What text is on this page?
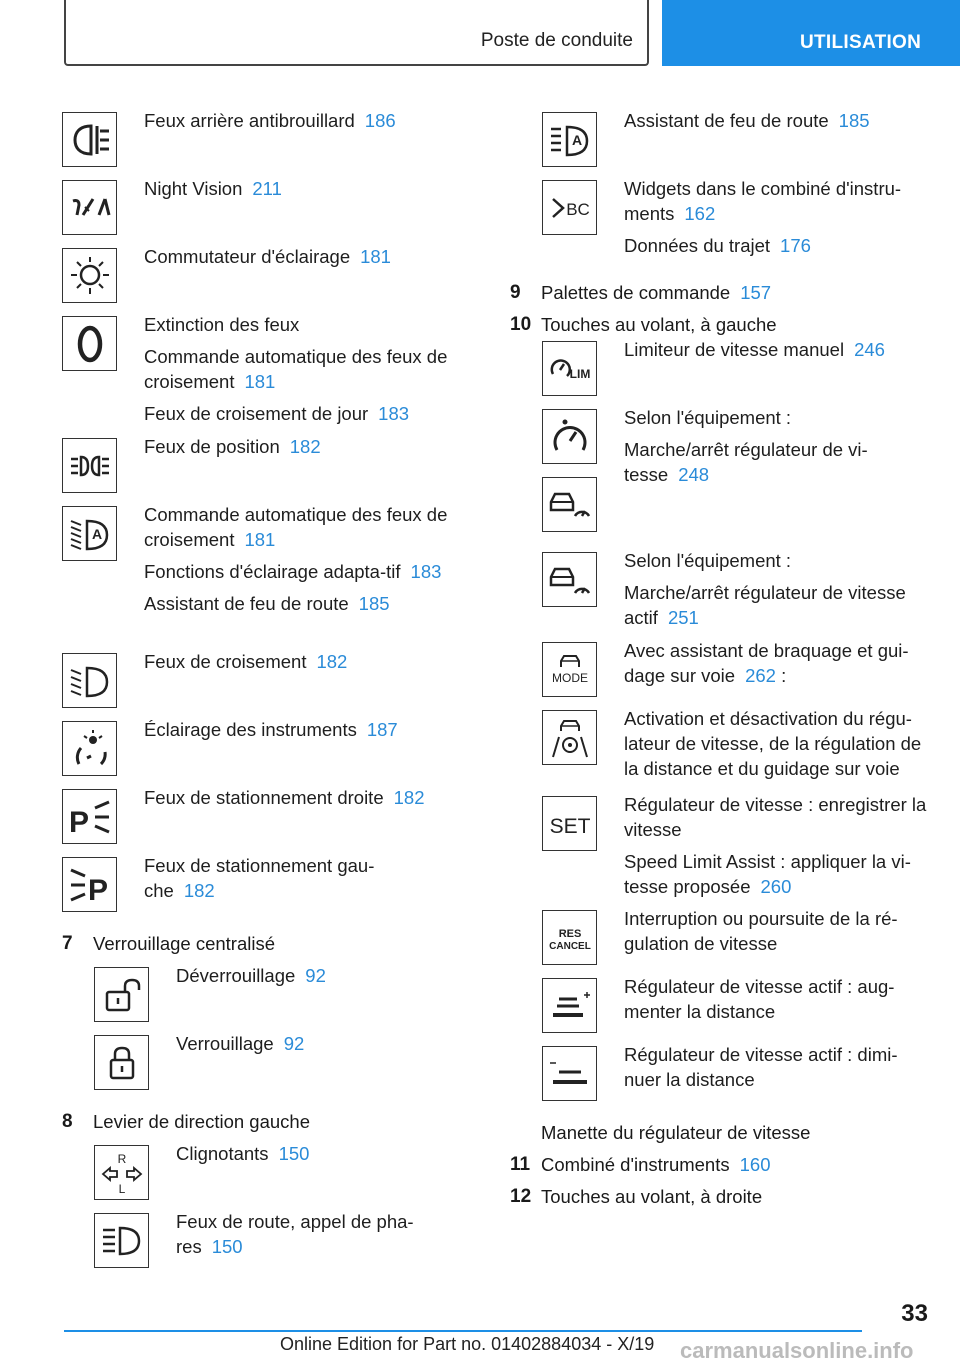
Poste de conduite	UTILISATION

Feux arrière antibrouillard 186

Night Vision 211

Commutateur d'éclairage 181

Extinction des feux

Commande automatique des feux de croisement 181

Feux de croisement de jour 183

Feux de position 182

A

Commande automatique des feux de croisement 181

Fonctions d'éclairage adapta-tif 183

Assistant de feu de route 185

Feux de croisement 182

Éclairage des instruments 187

P

Feux de stationnement droite 182

P

Feux de stationnement gau-che 182

7 Verrouillage centralisé

Déverrouillage 92

Verrouillage 92

8 Levier de direction gauche
R
L

Clignotants 150

Feux de route, appel de pha-res 150

A

Assistant de feu de route 185

BC

Widgets dans le combiné d'instru-ments 162

Données du trajet 176

9 Palettes de commande 157
10 Touches au volant, à gauche
LIM

Limiteur de vitesse manuel 246

Selon l'équipement :

Marche/arrêt régulateur de vi-tesse 248

Selon l'équipement :

Marche/arrêt régulateur de vitesse actif 251

MODE

Avec assistant de braquage et gui-dage sur voie 262 :

Activation et désactivation du régu-lateur de vitesse, de la régulation de la distance et du guidage sur voie

SET

Régulateur de vitesse : enregistrer la vitesse

Speed Limit Assist : appliquer la vi-tesse proposée 260

RES
CANCEL

Interruption ou poursuite de la ré-gulation de vitesse

Régulateur de vitesse actif : aug-menter la distance

Régulateur de vitesse actif : dimi-nuer la distance

Manette du régulateur de vitesse
11 Combiné d'instruments 160
12 Touches au volant, à droite
33
Online Edition for Part no. 01402884034 - X/19 carmanualsonline.info
